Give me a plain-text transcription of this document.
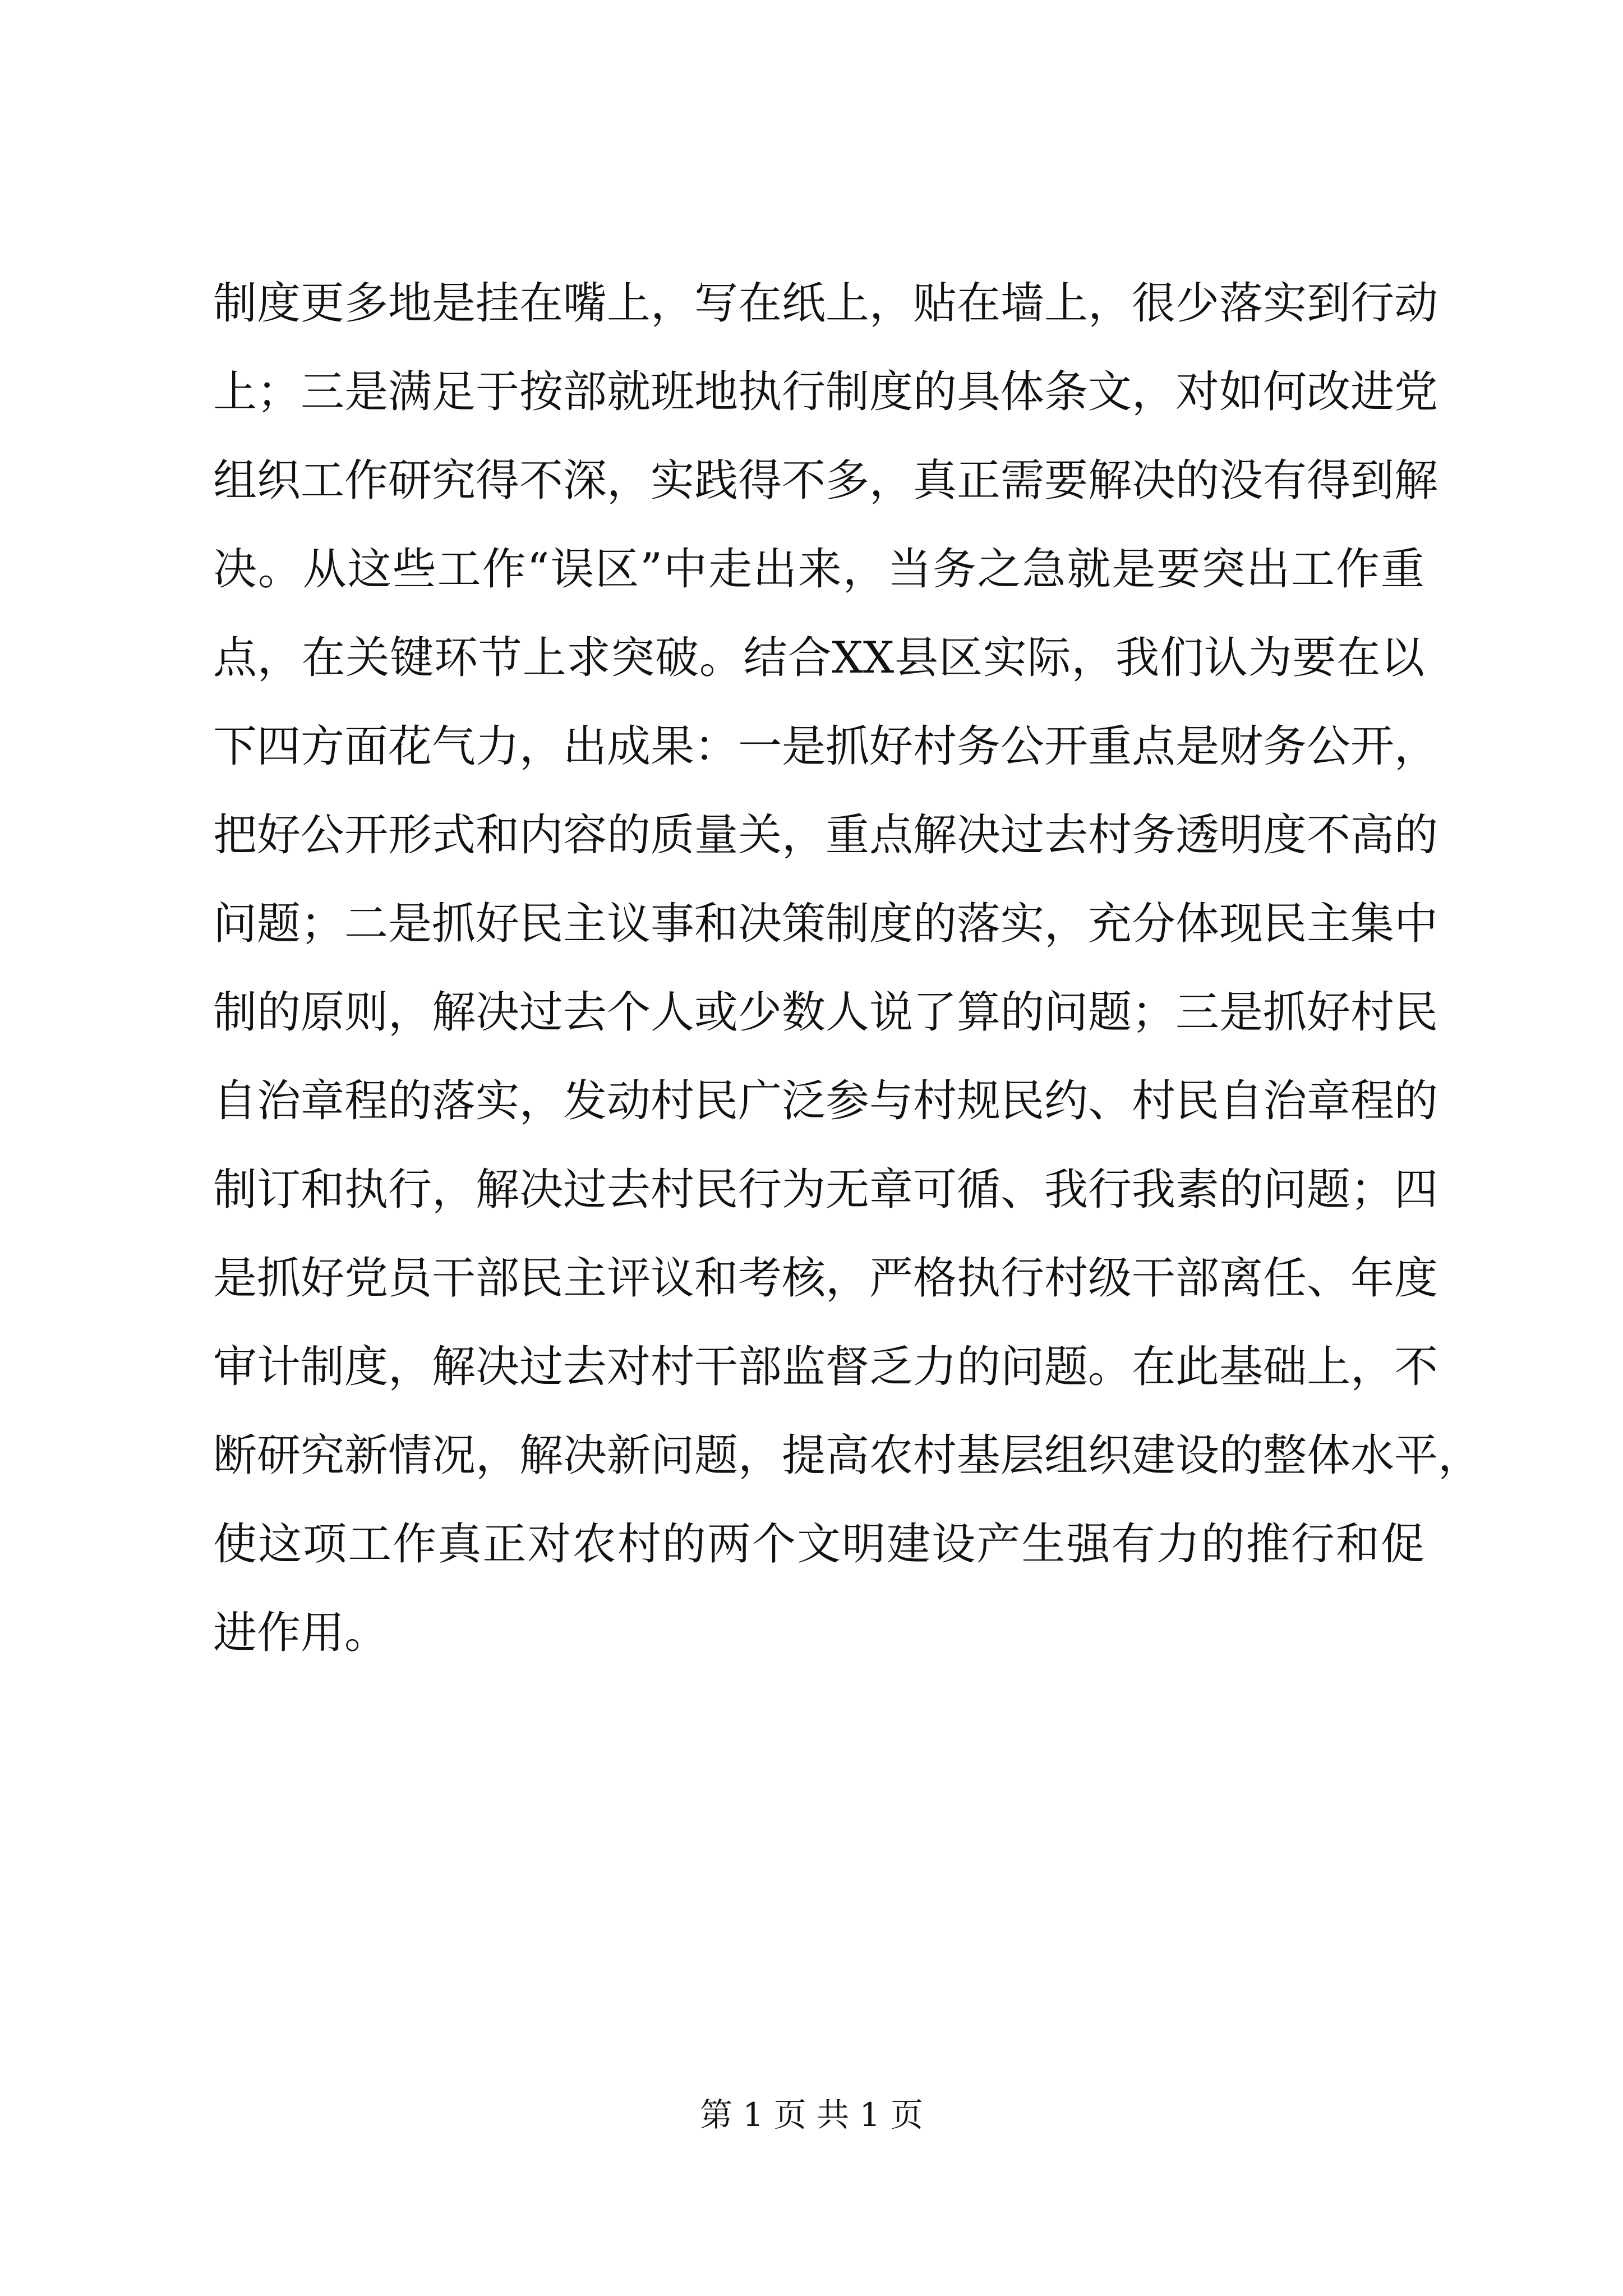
制度更多地是挂在嘴上，写在纸上，贴在墙上，很少落实到行动
上；三是满足于按部就班地执行制度的具体条文，对如何改进党
组织工作研究得不深，实践得不多，真正需要解决的没有得到解
决。从这些工作“误区”中走出来，当务之急就是要突出工作重
点，在关键环节上求突破。结合XX县区实际，我们认为要在以
下四方面花气力，出成果：一是抓好村务公开重点是财务公开，
把好公开形式和内容的质量关，重点解决过去村务透明度不高的
问题；二是抓好民主议事和决策制度的落实，充分体现民主集中
制的原则，解决过去个人或少数人说了算的问题；三是抓好村民
自治章程的落实，发动村民广泛参与村规民约、村民自治章程的
制订和执行，解决过去村民行为无章可循、我行我素的问题；四
是抓好党员干部民主评议和考核，严格执行村级干部离任、年度
审计制度，解决过去对村干部监督乏力的问题。在此基础上，不
断研究新情况，解决新问题，提高农村基层组织建设的整体水平，
使这项工作真正对农村的两个文明建设产生强有力的推行和促
进作用。
第 1 页 共 1 页
